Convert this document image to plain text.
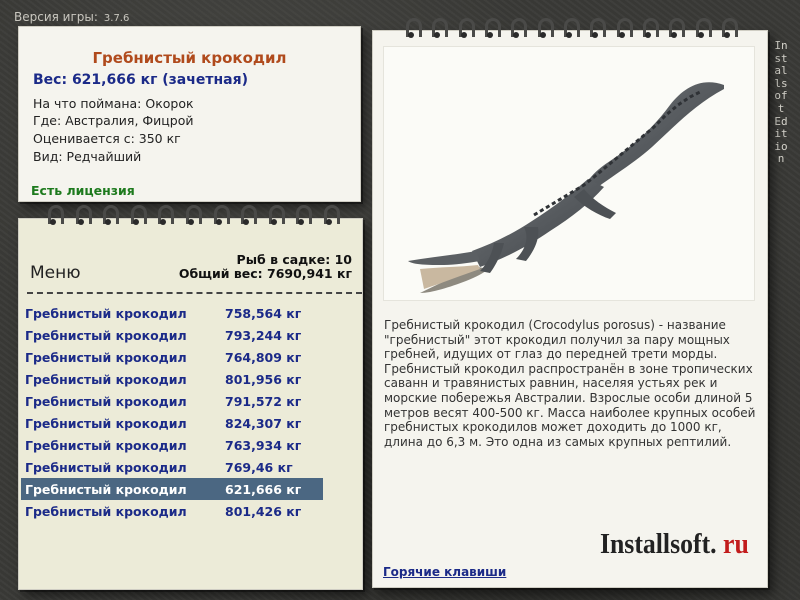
Версия игры: 3.7.6
Installsoft Edition
Гребнистый крокодил
Вес: 621,666 кг (зачетная)
На что поймана: Окорок
Где: Австралия, Фицрой
Оценивается с: 350 кг
Вид: Редчайший
Есть лицензия
Меню
Рыб в садке: 10
Общий вес: 7690,941 кг
Гребнистый крокодил	758,564 кг
Гребнистый крокодил	793,244 кг
Гребнистый крокодил	764,809 кг
Гребнистый крокодил	801,956 кг
Гребнистый крокодил	791,572 кг
Гребнистый крокодил	824,307 кг
Гребнистый крокодил	763,934 кг
Гребнистый крокодил	769,46 кг
Гребнистый крокодил	621,666 кг
Гребнистый крокодил	801,426 кг
Гребнистый крокодил (Crocodylus porosus) - название "гребнистый" этот крокодил получил за пару мощных гребней, идущих от глаз до передней трети морды. Гребнистый крокодил распространён в зоне тропических саванн и травянистых равнин, населяя устьях рек и морские побережья Австралии. Взрослые особи длиной 5 метров весят 400-500 кг. Масса наиболее крупных особей гребнистых крокодилов может доходить до 1000 кг, длина до 6,3 м. Это одна из самых крупных рептилий.
Installsoft. ru
Горячие клавиши
